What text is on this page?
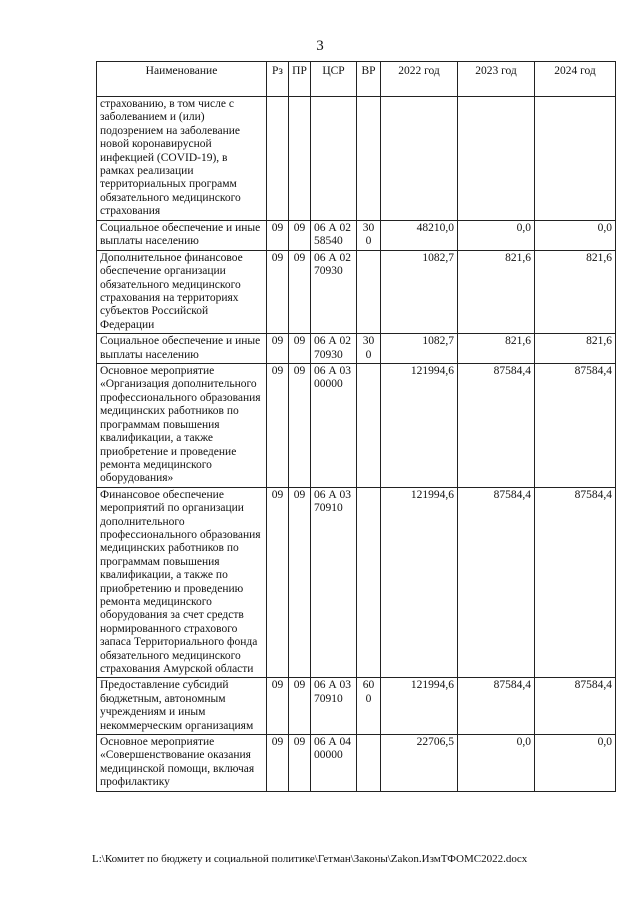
3
Наименование	Рз	ПР	ЦСР	ВР	2022 год	2023 год	2024 год
страхованию, в том числе с заболеванием и (или) подозрением на заболевание новой коронавирусной инфекцией (COVID-19), в рамках реализации территориальных программ обязательного медицинского страхования							
Социальное обеспечение и иные выплаты населению	09	09	06 А 02 58540	300	48210,0	0,0	0,0
Дополнительное финансовое обеспечение организации обязательного медицинского страхования на территориях субъектов Российской Федерации	09	09	06 А 02 70930		1082,7	821,6	821,6
Социальное обеспечение и иные выплаты населению	09	09	06 А 02 70930	300	1082,7	821,6	821,6
Основное мероприятие «Организация дополнительного профессионального образования медицинских работников по программам повышения квалификации, а также приобретение и проведение ремонта медицинского оборудования»	09	09	06 А 03 00000		121994,6	87584,4	87584,4
Финансовое обеспечение мероприятий по организации дополнительного профессионального образования медицинских работников по программам повышения квалификации, а также по приобретению и проведению ремонта медицинского оборудования за счет средств нормированного страхового запаса Территориального фонда обязательного медицинского страхования Амурской области	09	09	06 А 03 70910		121994,6	87584,4	87584,4
Предоставление субсидий бюджетным, автономным учреждениям и иным некоммерческим организациям	09	09	06 А 03 70910	600	121994,6	87584,4	87584,4
Основное мероприятие «Совершенствование оказания медицинской помощи, включая профилактику	09	09	06 А 04 00000		22706,5	0,0	0,0
L:\Комитет по бюджету и социальной политике\Гетман\Законы\Zakon.ИзмТФОМС2022.docx
